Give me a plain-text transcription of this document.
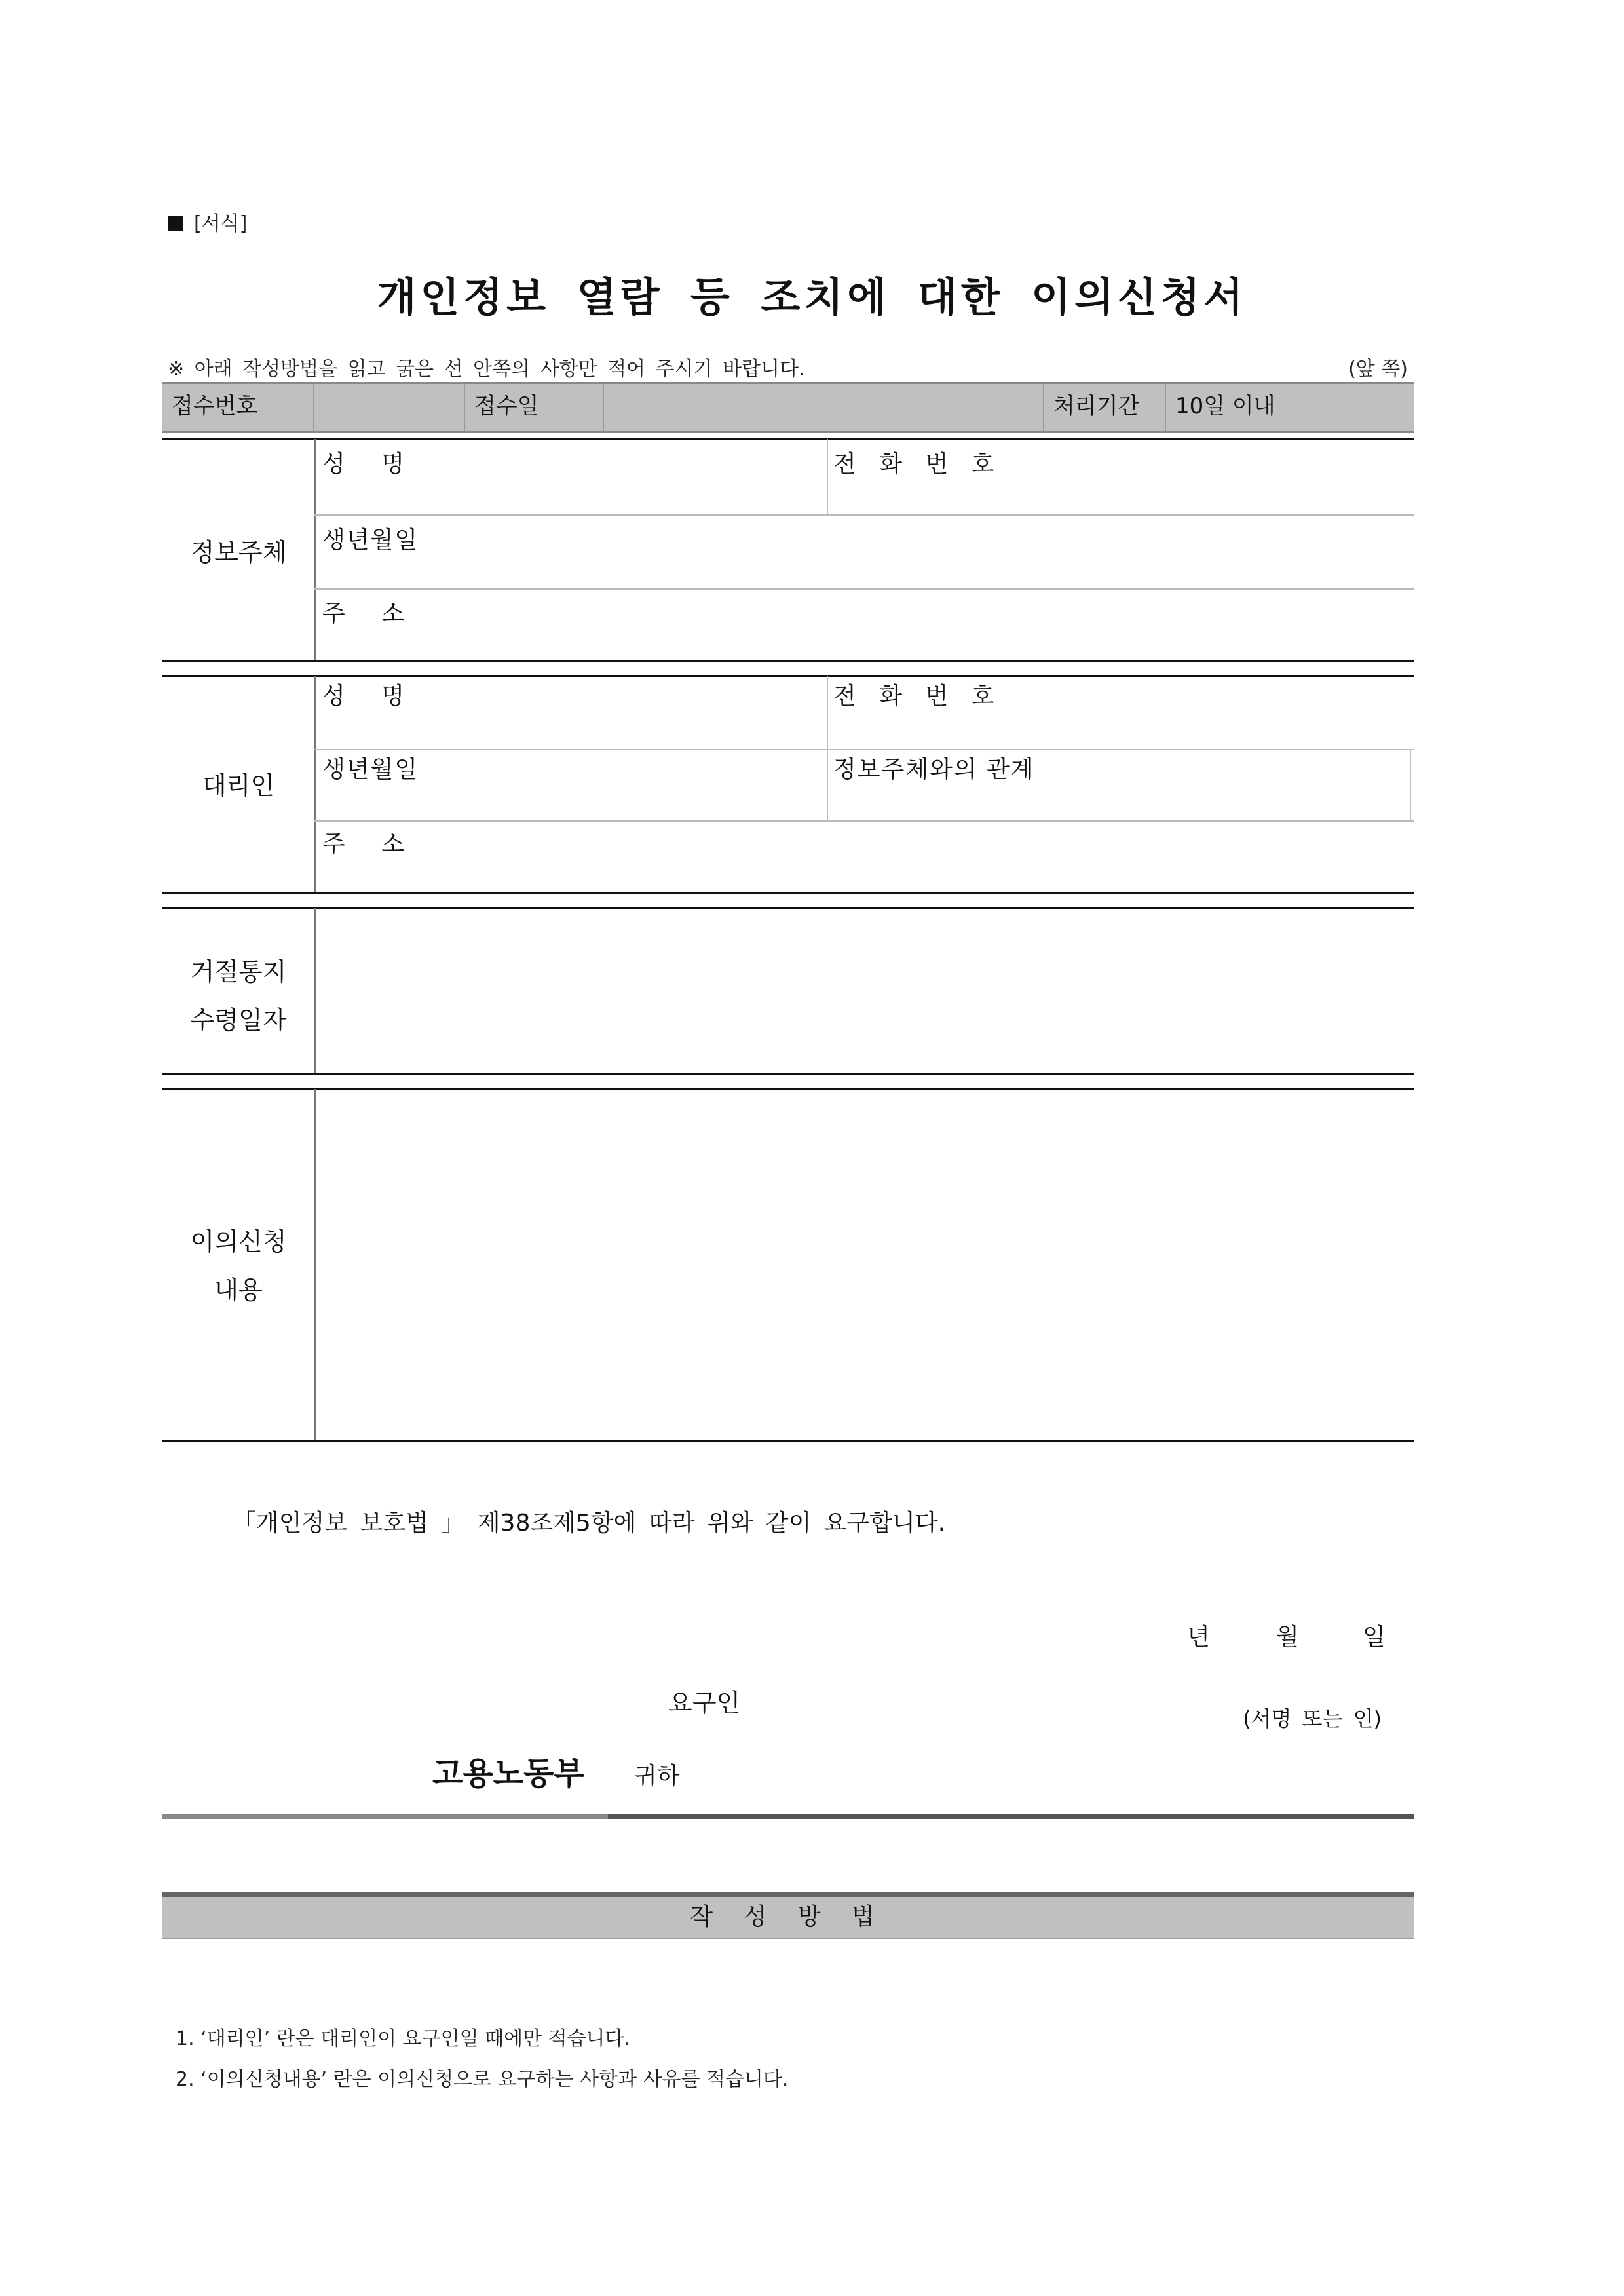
[서식]
개인정보 열람 등 조치에 대한 이의신청서
※ 아래 작성방법을 읽고 굵은 선 안쪽의 사항만 적어 주시기 바랍니다.	(앞 쪽)
접수번호	접수일	처리기간	10일 이내
정보주체
성 명	전 화 번 호
생년월일
주 소
대리인
성 명	전 화 번 호
생년월일	정보주체와의 관계
주 소
거절통지
수령일자
이의신청
내용
「개인정보 보호법 」 제38조제5항에 따라 위와 같이 요구합니다.
년	월	일
요구인
(서명 또는 인)
고용노동부 귀하
작 성 방 법
1. ‘대리인’ 란은 대리인이 요구인일 때에만 적습니다.
2. ‘이의신청내용’ 란은 이의신청으로 요구하는 사항과 사유를 적습니다.
